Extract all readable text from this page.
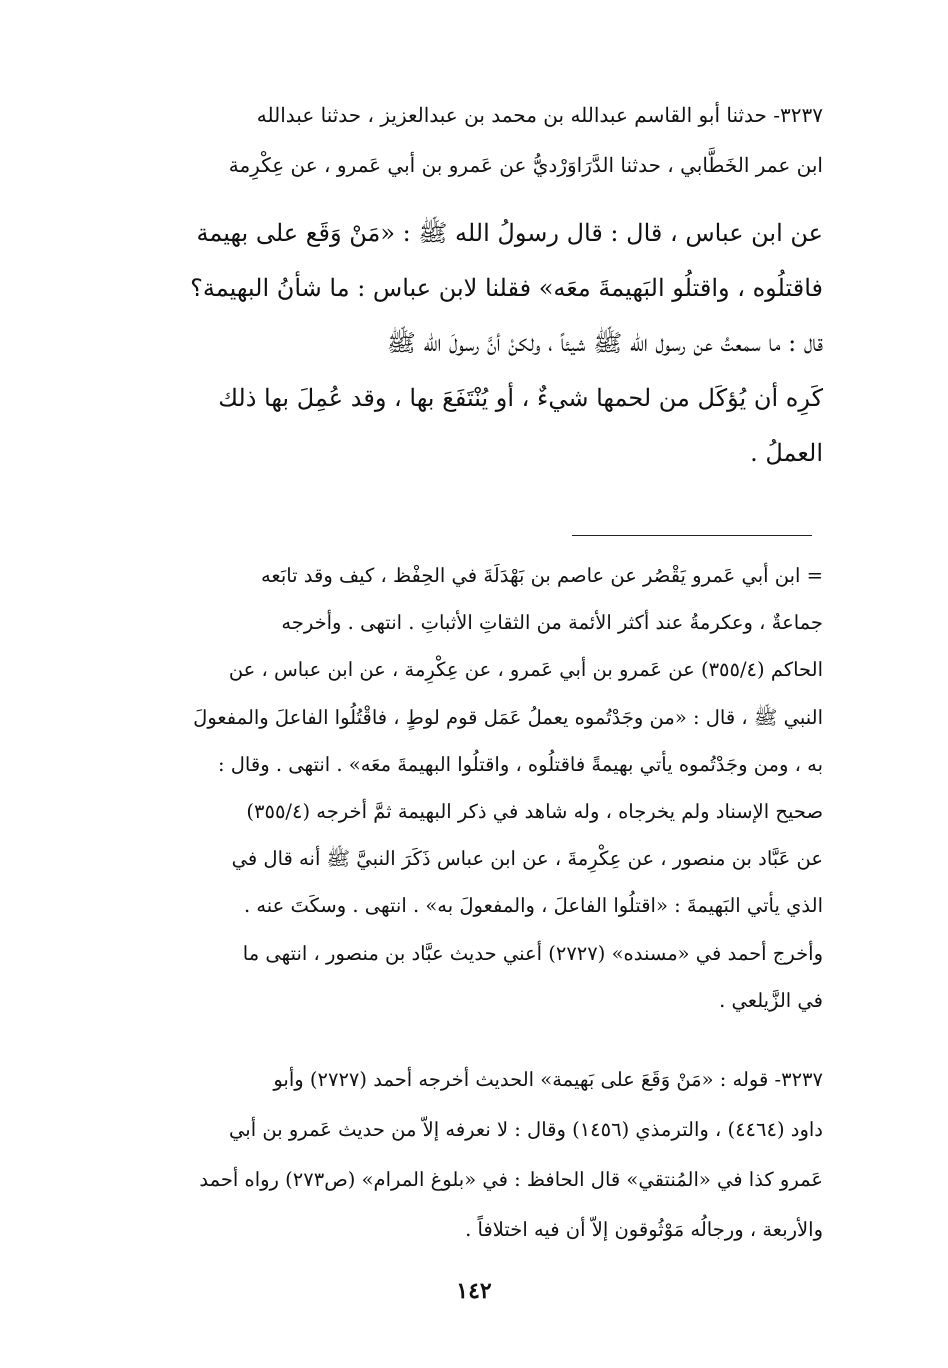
٣٢٣٧- حدثنا أبو القاسم عبدالله بن محمد بن عبدالعزيز ، حدثنا عبدالله
ابن عمر الخَطَّابي ، حدثنا الدَّرَاوَرْديُّ عن عَمرو بن أبي عَمرو ، عن عِكْرِمة
عن ابن عباس ، قال : قال رسولُ الله ﷺ : «مَنْ وَقَع على بهيمة
فاقتلُوه ، واقتلُو البَهيمةَ معَه» فقلنا لابن عباس : ما شأنُ البهيمة؟
قال : ما سمعتُ عن رسول الله ﷺ شيئاً ، ولكنْ أنَّ رسولَ الله ﷺ
كَرِه أن يُؤكَل من لحمها شيءٌ ، أو يُنْتَفَعَ بها ، وقد عُمِلَ بها ذلك
العملُ .
= ابن أبي عَمرو يَقْصُر عن عاصم بن بَهْدَلَةَ في الحِفْظ ، كيف وقد تابَعه
جماعةٌ ، وعكرمةُ عند أكثر الأئمة من الثقاتِ الأثباتِ . انتهى . وأخرجه
الحاكم (٣٥٥/٤) عن عَمرو بن أبي عَمرو ، عن عِكْرِمة ، عن ابن عباس ، عن
النبي ﷺ ، قال : «من وجَدْتُموه يعملُ عَمَل قوم لوطٍ ، فاقْتُلُوا الفاعلَ والمفعولَ
به ، ومن وجَدْتُموه يأتي بهيمةً فاقتلُوه ، واقتلُوا البهيمةَ معَه» . انتهى . وقال :
صحيح الإسناد ولم يخرجاه ، وله شاهد في ذكر البهيمة ثمَّ أخرجه (٣٥٥/٤)
عن عَبَّاد بن منصور ، عن عِكْرِمةَ ، عن ابن عباس ذَكَرَ النبيَّ ﷺ أنه قال في
الذي يأتي البَهيمةَ : «اقتلُوا الفاعلَ ، والمفعولَ به» . انتهى . وسكَتَ عنه .
وأخرج أحمد في «مسنده» (٢٧٢٧) أعني حديث عبَّاد بن منصور ، انتهى ما
في الزَّيلعي .
٣٢٣٧- قوله : «مَنْ وَقَعَ على بَهيمة» الحديث أخرجه أحمد (٢٧٢٧) وأبو
داود (٤٤٦٤) ، والترمذي (١٤٥٦) وقال : لا نعرفه إلاّ من حديث عَمرو بن أبي
عَمرو كذا في «المُنتقي» قال الحافظ : في «بلوغ المرام» (ص٢٧٣) رواه أحمد
والأربعة ، ورجالُه مَوْثُوقون إلاّ أن فيه اختلافاً .
١٤٢
